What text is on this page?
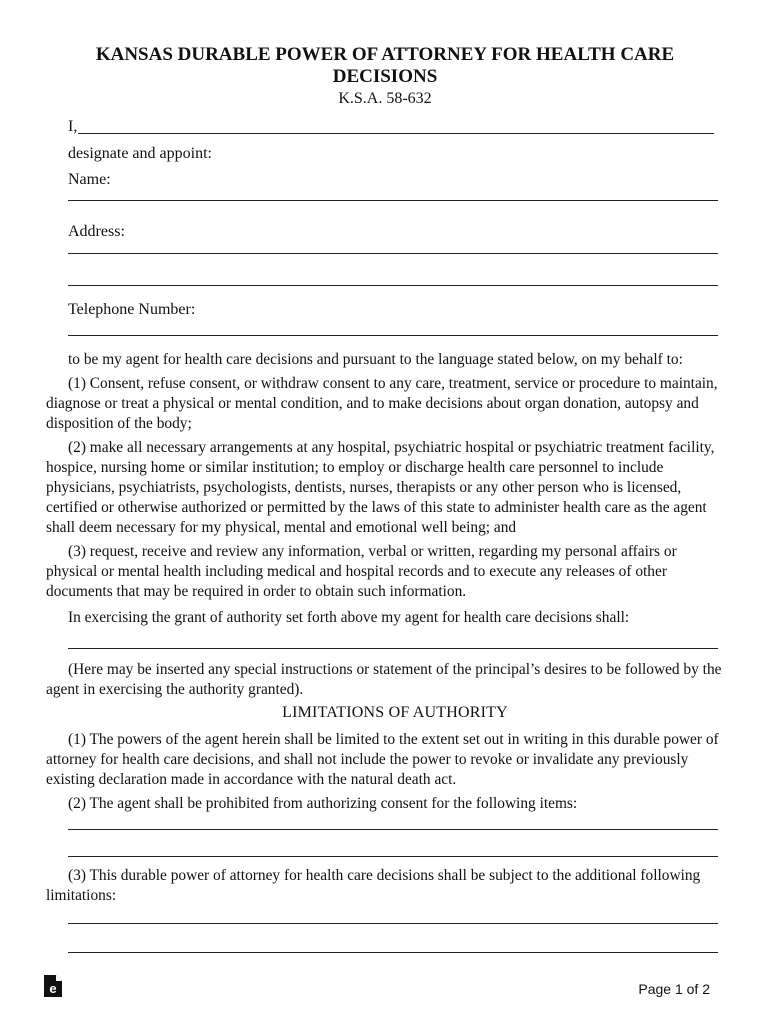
KANSAS DURABLE POWER OF ATTORNEY FOR HEALTH CARE DECISIONS
K.S.A. 58-632
I,
designate and appoint:
Name:
Address:
Telephone Number:
to be my agent for health care decisions and pursuant to the language stated below, on my behalf to:
(1) Consent, refuse consent, or withdraw consent to any care, treatment, service or procedure to maintain, diagnose or treat a physical or mental condition, and to make decisions about organ donation, autopsy and disposition of the body;
(2) make all necessary arrangements at any hospital, psychiatric hospital or psychiatric treatment facility, hospice, nursing home or similar institution; to employ or discharge health care personnel to include physicians, psychiatrists, psychologists, dentists, nurses, therapists or any other person who is licensed, certified or otherwise authorized or permitted by the laws of this state to administer health care as the agent shall deem necessary for my physical, mental and emotional well being; and
(3) request, receive and review any information, verbal or written, regarding my personal affairs or physical or mental health including medical and hospital records and to execute any releases of other documents that may be required in order to obtain such information.
In exercising the grant of authority set forth above my agent for health care decisions shall:
(Here may be inserted any special instructions or statement of the principal’s desires to be followed by the agent in exercising the authority granted).
LIMITATIONS OF AUTHORITY
(1) The powers of the agent herein shall be limited to the extent set out in writing in this durable power of attorney for health care decisions, and shall not include the power to revoke or invalidate any previously existing declaration made in accordance with the natural death act.
(2) The agent shall be prohibited from authorizing consent for the following items:
(3) This durable power of attorney for health care decisions shall be subject to the additional following limitations:
e	Page 1 of 2
